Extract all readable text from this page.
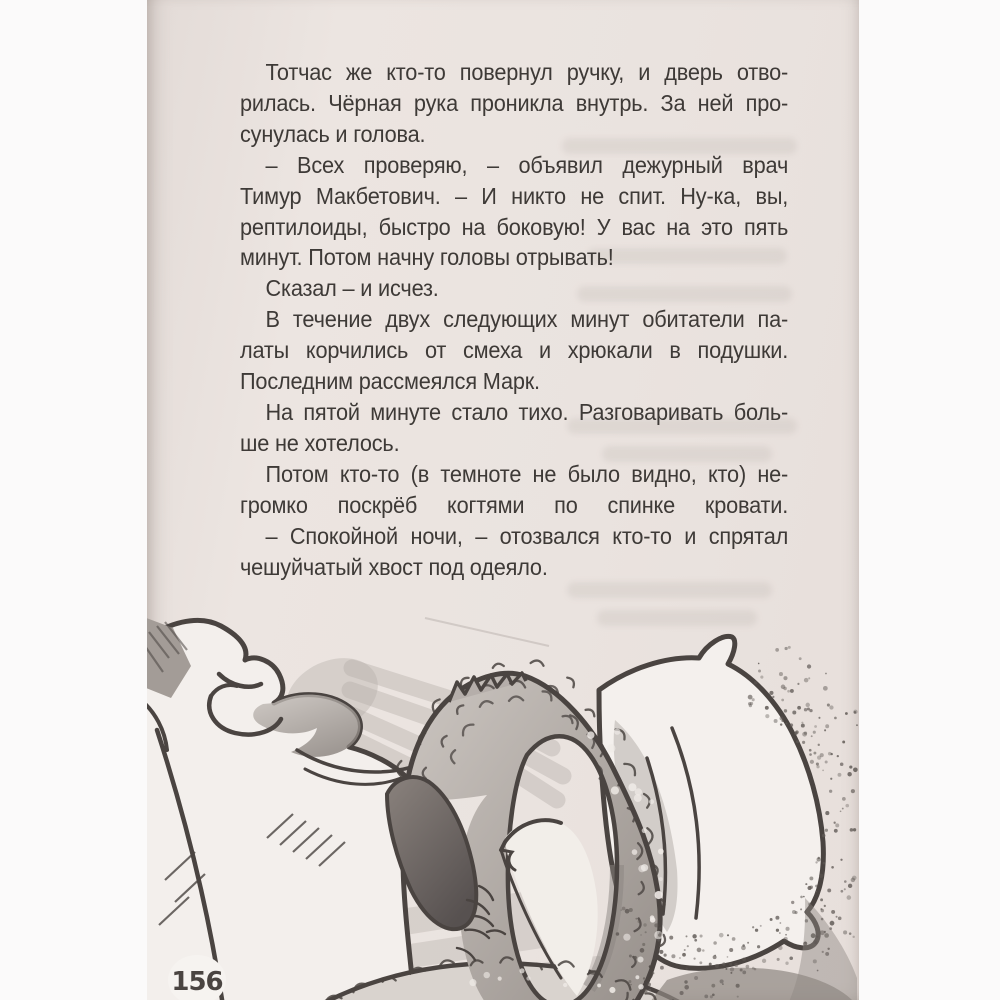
Тотчас же кто-то повернул ручку, и дверь отво-
рилась. Чёрная рука проникла внутрь. За ней про-
сунулась и голова.
– Всех проверяю, – объявил дежурный врач
Тимур Макбетович. – И никто не спит. Ну-ка, вы,
рептилоиды, быстро на боковую! У вас на это пять
минут. Потом начну головы отрывать!
Сказал – и исчез.
В течение двух следующих минут обитатели па-
латы корчились от смеха и хрюкали в подушки.
Последним рассмеялся Марк.
На пятой минуте стало тихо. Разговаривать боль-
ше не хотелось.
Потом кто-то (в темноте не было видно, кто) не-
громко поскрёб когтями по спинке кровати.
– Спокойной ночи, – отозвался кто-то и спрятал
чешуйчатый хвост под одеяло.
156
